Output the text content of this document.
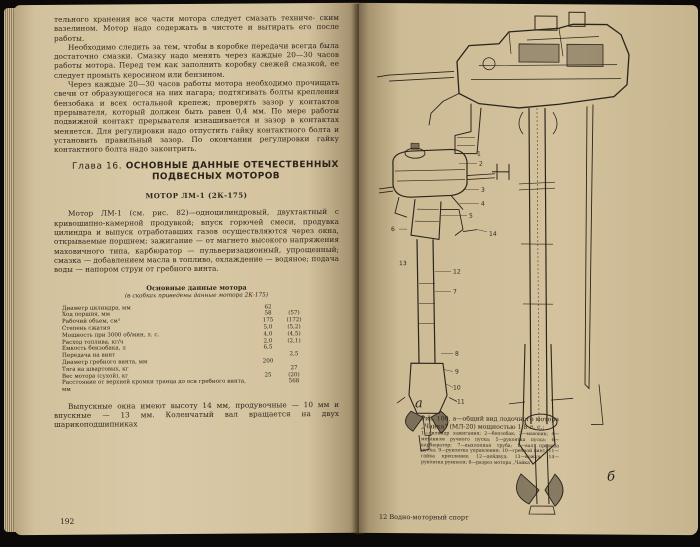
тельного хранения все части мотора следует смазать техниче- ским вазелином. Мотор надо содержать в чистоте и вытирать его после работы.

Необходимо следить за тем, чтобы в коробке передачи всегда была достаточно смазки. Смазку надо менять через каждые 20—30 часов работы мотора. Перед тем как заполнить коробку свежей смазкой, ее следует промыть керосином или бензином.

Через каждые 20—30 часов работы мотора необходимо прочищать свечи от образующегося на них нагара; подтягивать болты крепления бензобака и всех остальной крепеж; проверять зазор у контактов прерывателя, который должен быть равен 0,4 мм. По мере работы подвижной контакт прерывателя изнашивается и зазор в контактах меняется. Для регулировки надо отпустить гайку контактного болта и установить правильный зазор. По окончании регулировки гайку контактного болта надо законтрить.

Глава 16. ОСНОВНЫЕ ДАННЫЕ ОТЕЧЕСТВЕННЫХ
ПОДВЕСНЫХ МОТОРОВ
МОТОР ЛМ-1 (2К-175)

Мотор ЛМ-1 (см. рис. 82)—одноцилиндровый, двухтактный с кривошипно-камерной продувкой; впуск горючей смеси, продувка цилиндра и выпуск отработавших газов осуществляются через окна, открываемые поршнем; зажигание — от магнето высокого напряжения маховичного типа, карбюратор — пульверизационный, упрощенный; смазка — добавлением масла в топливо, охлаждение — водяное; подача воды — напором струи от гребного винта.

Основные данные мотора
(в скобках приведены данные мотора 2К-175)
Диаметр цилиндра, мм	62	
Ход поршня, мм	58	(57)
Рабочий объем, см³	175	(172)
Степень сжатия	5,0	(5,2)
Мощность при 3000 об/мин, л. с.	4,0	(4,5)
Расход топлива, кг/ч	2,0	(2,1)
Емкость бензобака, л	6,5	
Передача на винт		2,5
Диаметр гребного винта, мм	200	
Тяга на швартовых, кг		27
Вес мотора (сухой), кг	25	(20)
Расстояние от верхней кромки транца до оси гребного винта, мм		568

Выпускные окна имеют высоту 14 мм, продувочные — 10 мм и впускные — 13 мм. Коленчатый вал вращается на двух шарикоподшипниках

192
б
а
1
2
3
4
5
6
7
8
9
10
11
12
13
14
Рис. 100. а—общий вид лодочного мотора „Чайка“ (МЛ-20) мощностью 1,8 л. с.;
1—цилиндр зажигания; 2—бензобак; 3—маховик; 4—механизм ручного пуска; 5—рукоятка пуска; 6—карбюратор; 7—выхлопная труба; 8—вал привода пуска; 9—рукоятка управления; 10—гребной винт; 11—гайка крепления; 12—дейдвуд; 13—кожух; 14—рукоятка румпеля; б—разрез мотора „Чайка“
12 Водно-моторный спорт
